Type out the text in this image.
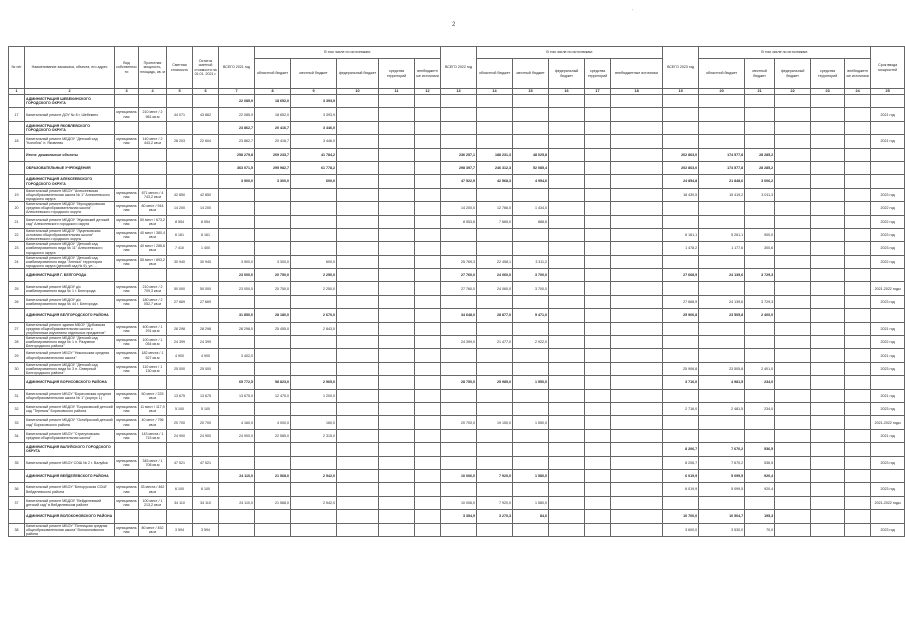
2
'
№ п/п	Наименование заказчика, объекта, его адрес	Вид собственности	Проектная мощность, площадь, кв. м	Сметная стоимость	Остаток сметной стоимости на 01.01. 2021 г.	ВСЕГО 2021 год	В том числе по источникам:					ВСЕГО 2022 год	В том числе по источникам:					ВСЕГО 2023 год	В том числе по источникам:					Срок ввода мощностей
							областной бюджет	местный бюджет	федеральный бюджет	средства территорий	внебюджетные источники		областной бюджет	местный бюджет	федеральный бюджет	средства территорий	внебюджетные источники		областной бюджет	местный бюджет	федеральный бюджет	средства территорий	внебюджетные источники	
1	2	3	4	5	6	7	8	9	10	11	12	13	14	15	16	17	18	19	20	21	22	23	24	25
	АДМИНИСТРАЦИЯ ШЕБЕКИНСКОГО ГОРОДСКОГО ОКРУГА					22 085,9	18 652,0	3 393,9																
17	Капитальный ремонт ДОУ № 8 г. Шебекино	муниципальная	210 мест / 2 981 кв.м	44 071	43 862	22 085,9	18 652,0	3 393,9																2021 год
	АДМИНИСТРАЦИЯ ЯКОВЛЕВСКОГО ГОРОДСКОГО ОКРУГА					23 862,7	20 416,7	3 446,0																
18	Капитальный ремонт МБДОУ "Детский сад "Колобок" п. Яковлево	муниципальная	140 мест / 2 443,2 кв.м	28 203	22 604	23 862,7	20 416,7	3 446,0																2021 год
	Итого: дошкольные объекты					258 279,8	209 233,7	41 784,2				236 257,1	188 231,3	48 025,8				202 863,0	174 577,8	28 285,2				
	ОБРАЗОВАТЕЛЬНЫЕ УЧРЕЖДЕНИЯ					363 071,5	295 982,7	61 778,2				298 397,7	246 312,3	52 085,4				202 863,0	174 577,8	28 285,2				
	АДМИНИСТРАЦИЯ АЛЕКСЕЕВСКОГО ГОРОДСКОГО ОКРУГА					3 900,0	3 300,0	600,0				47 522,9	42 568,3	4 954,6				24 854,8	21 848,6	3 006,2				
19	Капитальный ремонт МБОУ "Алексеевская общеобразовательная школа № 1" Алексеевского городского округа	муниципальная	671 место / 4 743,2 кв.м	42 850	42 850													18 430,5	15 419,2	3 011,3				2023 год
20	Капитальный ремонт МБДОУ "Мухоудеровская средняя общеобразовательная школа" Алексеевского городского округа	муниципальная	80 мест / 944 кв.м	14 200	14 200							14 200,0	12 766,0	1 434,0										2022 год
21	Капитальный ремонт МБДОУ "Жуковский детский сад" Алексеевского городского округа	муниципальная	50 мест / 673,2 кв.м	8 554	8 554							8 553,6	7 665,0	888,6										2022 год
22	Капитальный ремонт МБДОУ "Луценковская основная общеобразовательная школа" Алексеевского городского округа	муниципальная	40 мест / 380,4 кв.м	6 161	6 161													6 161,1	5 261,1	900,0				2023 год
23	Капитальный ремонт МБДОУ "Детский сад комбинированного вида № 11" Алексеевского городского округа	муниципальная	40 мест / 286,6 кв.м	7 410	1 400													1 478,2	1 177,6	300,6				2023 год
24	Капитальный ремонт МБДОУ "Детский сад комбинированного вида "Аленка" территория городского округа (детский сад № 6), ул. ...	муниципальная	55 мест / 893,2 кв.м	30 940	30 940	3 900,0	3 300,0	600,0				25 769,3	22 458,1	3 311,2										2022 год
	АДМИНИСТРАЦИЯ Г. БЕЛГОРОДА					23 000,0	20 750,0	2 250,0				27 760,0	24 060,0	3 700,0				27 668,9	24 139,6	3 729,3				
25	Капитальный ремонт МБДОУ д/с комбинированного вида № 1 г. Белгорода	муниципальная	210 мест / 2 709,3 кв.м	50 000	50 000	23 000,0	20 750,0	2 250,0				27 760,0	24 060,0	3 700,0										2021-2022 годы
26	Капитальный ремонт МБДОУ д/с комбинированного вида № 44 г. Белгорода	муниципальная	180 мест / 2 052,7 кв.м	27 669	27 669													27 668,9	24 139,6	3 729,3				2023 год
	АДМИНИСТРАЦИЯ БЕЛГОРОДСКОГО РАЙОНА					31 850,0	28 180,0	2 670,0				34 648,0	28 877,0	5 471,0				25 906,8	23 505,8	2 400,0				
27	Капитальный ремонт здания МБОУ "Дубовская средняя общеобразовательная школа с углубленным изучением отдельных предметов"	муниципальная	400 мест / 1 291 кв.м	28 298	28 298	28 298,0	25 455,0	2 843,0																2021 год
28	Капитальный ремонт МБДОУ "Детский сад комбинированного вида № 1 п. Разумное Белгородского района"	муниципальная	100 мест / 1 054 кв.м	24 399	24 399							24 399,0	21 477,0	2 922,0										2022 год
29	Капитальный ремонт МБОУ "Никольская средняя общеобразовательная школа"	муниципальная	182 места / 1 527 кв.м	4 900	4 900	3 402,0																		2021 год
30	Капитальный ремонт МБДОУ "Детский сад комбинированного вида № 3 п. Северный Белгородского района"	муниципальная	110 мест / 1 130 кв.м	25 000	25 000													25 906,8	23 505,8	2 401,0				2023 год
	АДМИНИСТРАЦИЯ БОРИСОВСКОГО РАЙОНА					65 772,5	58 823,0	2 965,0				28 750,0	25 985,0	1 550,0				3 716,0	4 981,5	234,0				
31	Капитальный ремонт МБОУ "Борисовская средняя общеобразовательная школа № 1" (корпус 1)	муниципальная	60 мест / 225 кв.м	13 675	13 675	13 675,0	12 475,0	1 200,0																2021 год
32	Капитальный ремонт МБДОУ "Борисовский детский сад "Теремок" Борисовского района	муниципальная	11 мест / 117,9 кв.м	5 100	5 100													2 716,0	2 481,5	234,0				2023 год
33	Капитальный ремонт МБДОУ "Октябрьский детский сад" Борисовского района	муниципальная	40 мест / 796 кв.м	20 700	20 700	4 160,0	4 000,0	160,0				20 700,0	19 150,0	1 550,0										2021-2022 годы
34	Капитальный ремонт МБОУ "Стригуновская средняя общеобразовательная школа"	муниципальная	143 места / 1 715 кв.м	24 900	24 900	24 900,0	22 585,0	2 315,0																2021 год
	АДМИНИСТРАЦИЯ ВАЛУЙСКОГО ГОРОДСКОГО ОКРУГА																	8 206,7	7 670,2	536,5				
35	Капитальный ремонт МБОУ СОШ № 2 г. Валуйки	муниципальная	345 мест / 1 708 кв.м	47 521	47 521													8 206,7	7 670,2	536,5				2023 год
	АДМИНИСТРАЦИЯ ВЕЙДЕЛЕВСКОГО РАЙОНА					24 110,0	21 568,0	2 542,0				10 006,0	7 920,0	1 580,0				6 019,9	5 099,5	920,4				
36	Капитальный ремонт МБОУ "Белорусская СОШ" Вейделевского района	муниципальная	33 места / 462 кв.м	6 100	6 100													6 019,9	5 099,5	920,4				2023 год
37	Капитальный ремонт МБДОУ "Вейделевский детский сад" в Вейделевском районе	муниципальная	100 мест / 1 213,2 кв.м	34 110	34 110	24 110,0	21 568,0	2 542,0				10 006,0	7 920,0	1 580,0										2021-2022 годы
	АДМИНИСТРАЦИЯ ВОЛОКОНОВСКОГО РАЙОНА											3 354,9	3 270,3	84,6				10 700,0	10 504,7	195,3				
38	Капитальный ремонт МБОУ "Пятницкая средняя общеобразовательная школа" Волоконовского района	муниципальная	80 мест / 452 кв.м	3 594	3 594													3 600,0	3 530,0	70,0				2023 год
